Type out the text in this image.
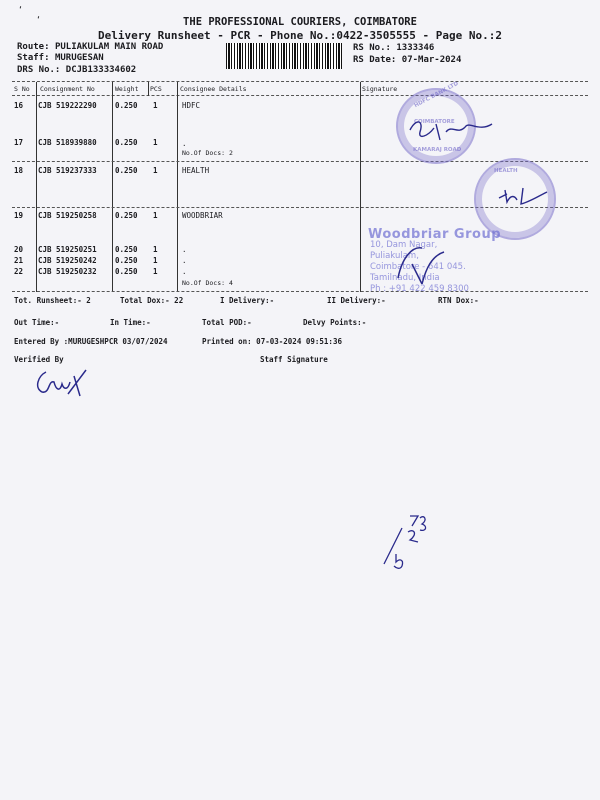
‘
‘	THE PROFESSIONAL COURIERS, COIMBATORE
Delivery Runsheet - PCR - Phone No.:0422-3505555 - Page No.:2
Route: PULIAKULAM MAIN ROAD
Staff: MURUGESAN
DRS No.: DCJB133334602
RS No.: 1333346
RS Date: 07-Mar-2024
S No Consignment No	Weight PCS	Consignee Details	Signature
16 CJB 519222290 0.250 1	HDFC
17 CJB 518939880 0.250 1	.
No.Of Docs: 2
18 CJB 519237333 0.250 1	HEALTH
19 CJB 519250258 0.250 1	WOODBRIAR
20 CJB 519250251 0.250 1	.
21 CJB 519250242 0.250 1	.
22 CJB 519250232 0.250 1	.
No.Of Docs: 4
Tot. Runsheet:- 2	Total Dox:- 22	I Delivery:-	II Delivery:-	RTN Dox:-
Out Time:-	In Time:-	Total POD:-	Delvy Points:-
Entered By :MURUGESHPCR 03/07/2024	Printed on: 07-03-2024 09:51:36
Verified By	Staff Signature
HDFC BANK LTD
COIMBATORE
KAMARAJ ROAD
HEALTH
Woodbriar Group
10, Dam Nagar,
Puliakulam,
Coimbatore - 641 045.
Tamilnadu, India
Ph : +91 422 459 8300
